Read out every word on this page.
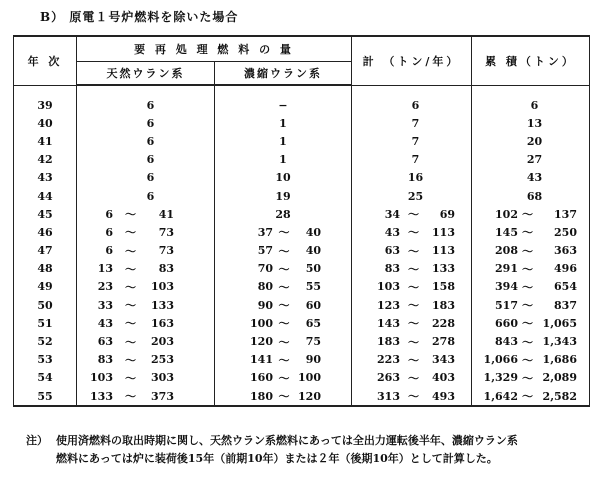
B） 原電１号炉燃料を除いた場合
年 次	要 再 処 理 燃 料 の 量		計 （トン/年）	累 積（トン）
	天然ウラン系	濃縮ウラン系		

39	6	−	6	6

40	6	1	7	13

41	6	1	7	20

42	6	1	7	27

43	6	10	16	43

44	6	19	25	68

45	6 ～ 41	28	34 ～ 69	102 ～ 137

46	6 ～ 73	37 ～ 40	43 ～ 113	145 ～ 250

47	6 ～ 73	57 ～ 40	63 ～ 113	208 ～ 363

48	13 ～ 83	70 ～ 50	83 ～ 133	291 ～ 496

49	23 ～ 103	80 ～ 55	103 ～ 158	394 ～ 654

50	33 ～ 133	90 ～ 60	123 ～ 183	517 ～ 837

51	43 ～ 163	100 ～ 65	143 ～ 228	660 ～ 1,065

52	63 ～ 203	120 ～ 75	183 ～ 278	843 ～ 1,343

53	83 ～ 253	141 ～ 90	223 ～ 343	1,066 ～ 1,686

54	103 ～ 303	160 ～ 100	263 ～ 403	1,329 ～ 2,089

55	133 ～ 373	180 ～ 120	313 ～ 493	1,642 ～ 2,582
注） 使用済燃料の取出時期に関し、天然ウラン系燃料にあっては全出力運転後半年、濃縮ウラン系
燃料にあっては炉に装荷後15年（前期10年）または２年（後期10年）として計算した。
